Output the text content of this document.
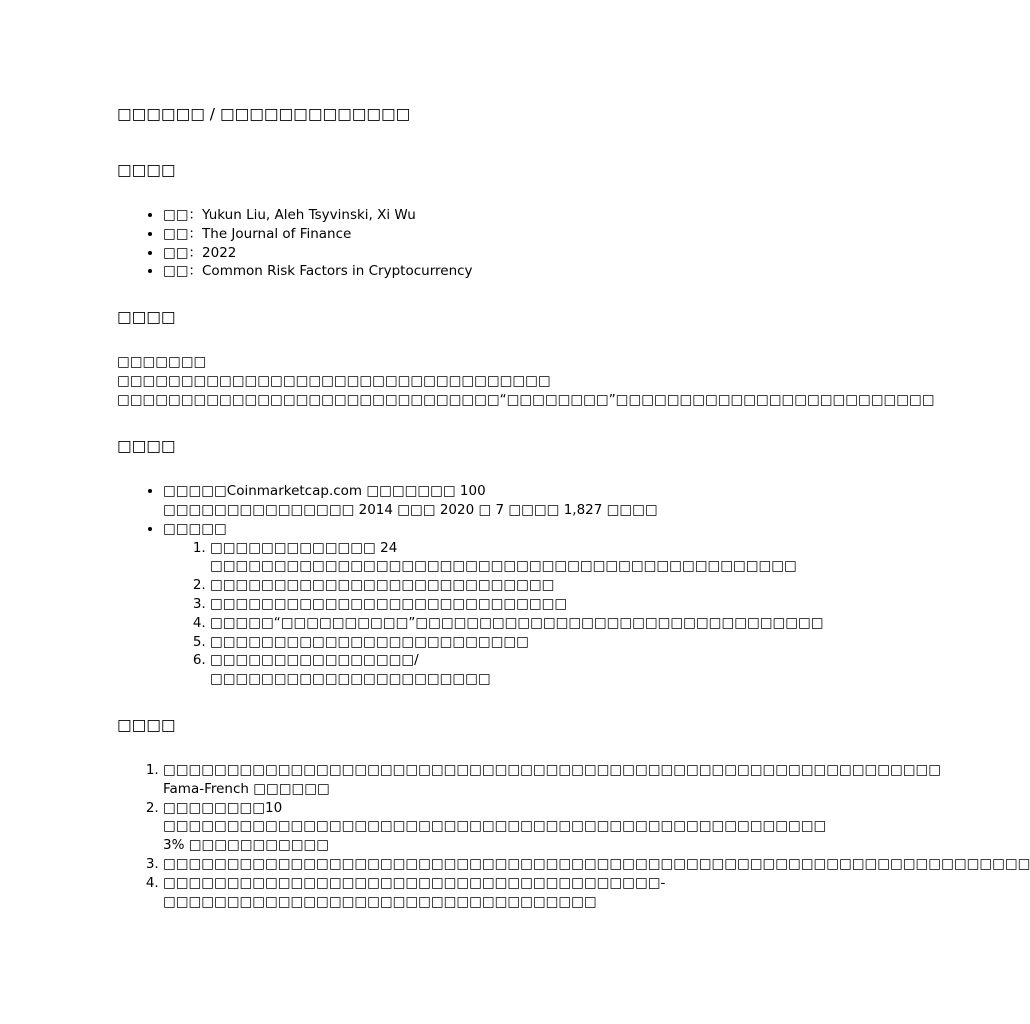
□□□□□□ / □□□□□□□□□□□□□
□□□□
• □□：Yukun Liu, Aleh Tsyvinski, Xi Wu
• □□：The Journal of Finance
• □□：2022
• □□：Common Risk Factors in Cryptocurrency
□□□□

□□□□□□□

□□□□□□□□□□□□□□□□□□□□□□□□□□□□□□□□□□

□□□□□□□□□□□□□□□□□□□□□□□□□□□□□□“□□□□□□□□”□□□□□□□□□□□□□□□□□□□□□□□□□

□□□□
• □□□□□Coinmarketcap.com □□□□□□□ 100 □□□□□□□□□□□□□□□ 2014 □□□ 2020 □ 7 □□□□ 1,827 □□□□
• □□□□□
1. □□□□□□□□□□□□□ 24 □□□□□□□□□□□□□□□□□□□□□□□□□□□□□□□□□□□□□□□□□□□□□□
2. □□□□□□□□□□□□□□□□□□□□□□□□□□□
3. □□□□□□□□□□□□□□□□□□□□□□□□□□□□
4. □□□□□“□□□□□□□□□□”□□□□□□□□□□□□□□□□□□□□□□□□□□□□□□□□
5. □□□□□□□□□□□□□□□□□□□□□□□□□
6. □□□□□□□□□□□□□□□□/□□□□□□□□□□□□□□□□□□□□□□
□□□□
1. □□□□□□□□□□□□□□□□□□□□□□□□□□□□□□□□□□□□□□□□□□□□□□□□□□□□□□□□□□□□□ Fama-French □□□□□□
2. □□□□□□□□10 □□□□□□□□□□□□□□□□□□□□□□□□□□□□□□□□□□□□□□□□□□□□□□□□□□□□ 3% □□□□□□□□□□□
3. □□□□□□□□□□□□□□□□□□□□□□□□□□□□□□□□□□□□□□□□□□□□□□□□□□□□□□□□□□□□□□□□□□□□
4. □□□□□□□□□□□□□□□□□□□□□□□□□□□□□□□□□□□□□□□-□□□□□□□□□□□□□□□□□□□□□□□□□□□□□□□□□□
